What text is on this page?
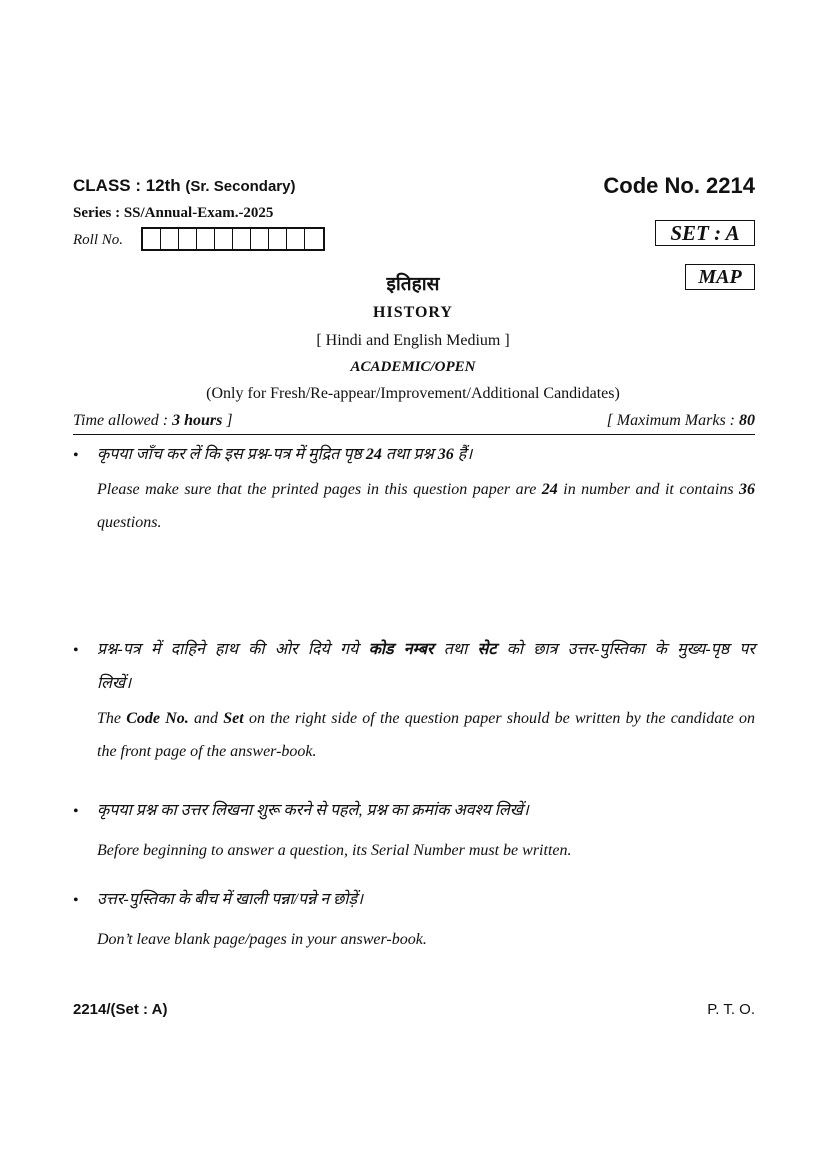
CLASS : 12th (Sr. Secondary)	Code No. 2214
Series : SS/Annual-Exam.-2025
Roll No.	SET : A
MAP
इतिहास
HISTORY
[ Hindi and English Medium ]
ACADEMIC/OPEN
(Only for Fresh/Re-appear/Improvement/Additional Candidates)
Time allowed : 3 hours ]	[ Maximum Marks : 80
• कृपया जाँच कर लें कि इस प्रश्न-पत्र में मुद्रित पृष्ठ 24 तथा प्रश्न 36 हैं।
Please make sure that the printed pages in this question paper are 24 in number and it contains 36 questions.
• प्रश्न-पत्र में दाहिने हाथ की ओर दिये गये कोड नम्बर तथा सेट को छात्र उत्तर-पुस्तिका के मुख्य-पृष्ठ पर
लिखें।
The Code No. and Set on the right side of the question paper should be written by the candidate on the front page of the answer-book.
• कृपया प्रश्न का उत्तर लिखना शुरू करने से पहले, प्रश्न का क्रमांक अवश्य लिखें।
Before beginning to answer a question, its Serial Number must be written.
• उत्तर-पुस्तिका के बीच में खाली पन्ना/पन्ने न छोड़ें।
Don’t leave blank page/pages in your answer-book.
2214/(Set : A)	P. T. O.
